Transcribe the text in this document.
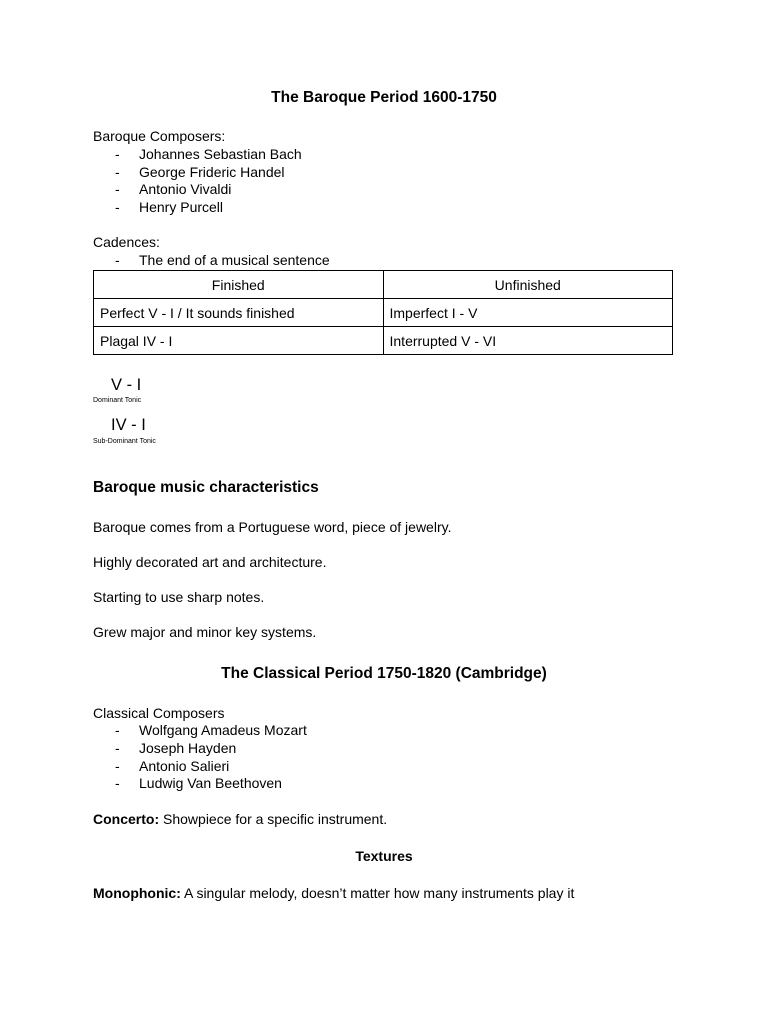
The Baroque Period 1600-1750
Baroque Composers:
-	Johannes Sebastian Bach
-	George Frideric Handel
-	Antonio Vivaldi
-	Henry Purcell
Cadences:
-	The end of a musical sentence
Finished	Unfinished
Perfect V - I / It sounds finished	Imperfect I - V
Plagal IV - I	Interrupted V - VI
V - I
Dominant Tonic
IV - I
Sub-Dominant Tonic
Baroque music characteristics
Baroque comes from a Portuguese word, piece of jewelry.
Highly decorated art and architecture.
Starting to use sharp notes.
Grew major and minor key systems.
The Classical Period 1750-1820 (Cambridge)
Classical Composers
-	Wolfgang Amadeus Mozart
-	Joseph Hayden
-	Antonio Salieri
-	Ludwig Van Beethoven
Concerto: Showpiece for a specific instrument.
Textures
Monophonic: A singular melody, doesn’t matter how many instruments play it
